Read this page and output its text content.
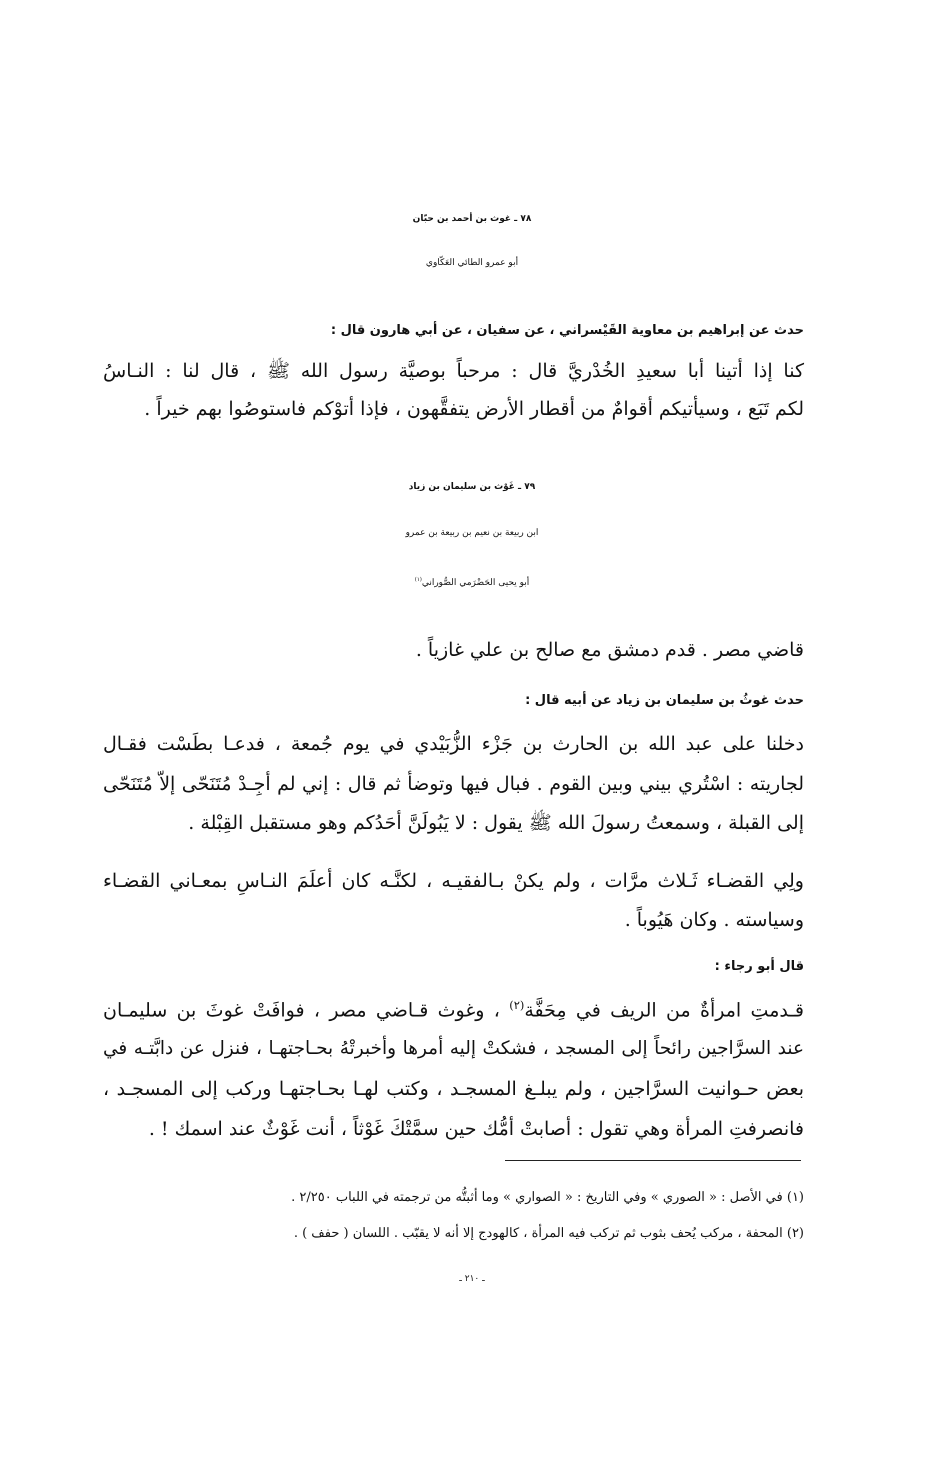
٧٨ ـ غوث بن أحمد بن حبّان
أبو عمرو الطائي العَكّاوي
حدث عن إبراهيم بن معاوية القَيْسراني ، عن سفيان ، عن أبي هارون قال :
كنا إذا أتينا أبا سعيدِ الخُدْريَّ قال : مرحباً بوصيَّة رسول الله ﷺ ، قال لنا : النـاسُ
لكم تَبَع ، وسيأتيكم أقوامٌ من أقطار الأرض يتفقَّهون ، فإذا أتوْكم فاستوصُوا بهم خيراً .
٧٩ ـ غَوْث بن سليمان بن زياد
ابن ربيعة بن نعيم بن ربيعة بن عمرو
أبو يحيى الحَضْرَمي الصُّوراني$^{(١)}$
قاضي مصر . قدم دمشق مع صالح بن علي غازياً .
حدث غوثُ بن سليمان بن زياد عن أبيه قال :
دخلنا على عبد الله بن الحارث بن جَزْء الزُّبَيْدي في يوم جُمعة ، فدعـا بطَسْت فقـال
لجاريته : اسْتُري بيني وبين القوم . فبال فيها وتوضأ ثم قال : إني لم أجِـدْ مُتَنَحّى إلاّ مُتَنَحّى
إلى القبلة ، وسمعتُ رسولَ الله ﷺ يقول : لا يَبُولَنَّ أحَدُكم وهو مستقبل القِبْلة .
ولِي القضـاء ثَـلاث مرَّات ، ولم يكنْ بـالفقيـه ، لكنَّـه كان أعلَمَ النـاسِ بمعـاني القضـاء
وسياسته . وكان هَيُوباً .
قال أبو رجاء :
قـدمتِ امرأةٌ من الريف في مِحَفَّة$^{(٢)}$ ، وغوث قـاضي مصر ، فوافَتْ غوثَ بن سليمـان
عند السرَّاجين رائحاً إلى المسجد ، فشكتْ إليه أمرها وأخبرتْهُ بحـاجتهـا ، فنزل عن دابَّتـه في
بعض حـوانيت السرَّاجين ، ولم يبلـغ المسجـد ، وكتب لهـا بحـاجتهـا وركب إلى المسجـد ،
فانصرفتِ المرأة وهي تقول : أصابتْ أمُّك حين سمَّتْكَ غَوْثاً ، أنت غَوْثٌ عند اسمك ! .
(١) في الأصل : « الصوري » وفي التاريخ : « الصواري » وما أثبتُّه من ترجمته في اللباب ٢/٢٥٠ .
(٢) المحفة ، مركب يُحف بثوب ثم تركب فيه المرأة ، كالهودج إلا أنه لا يقبّب . اللسان ( حفف ) .
ـ ٢١٠ ـ
